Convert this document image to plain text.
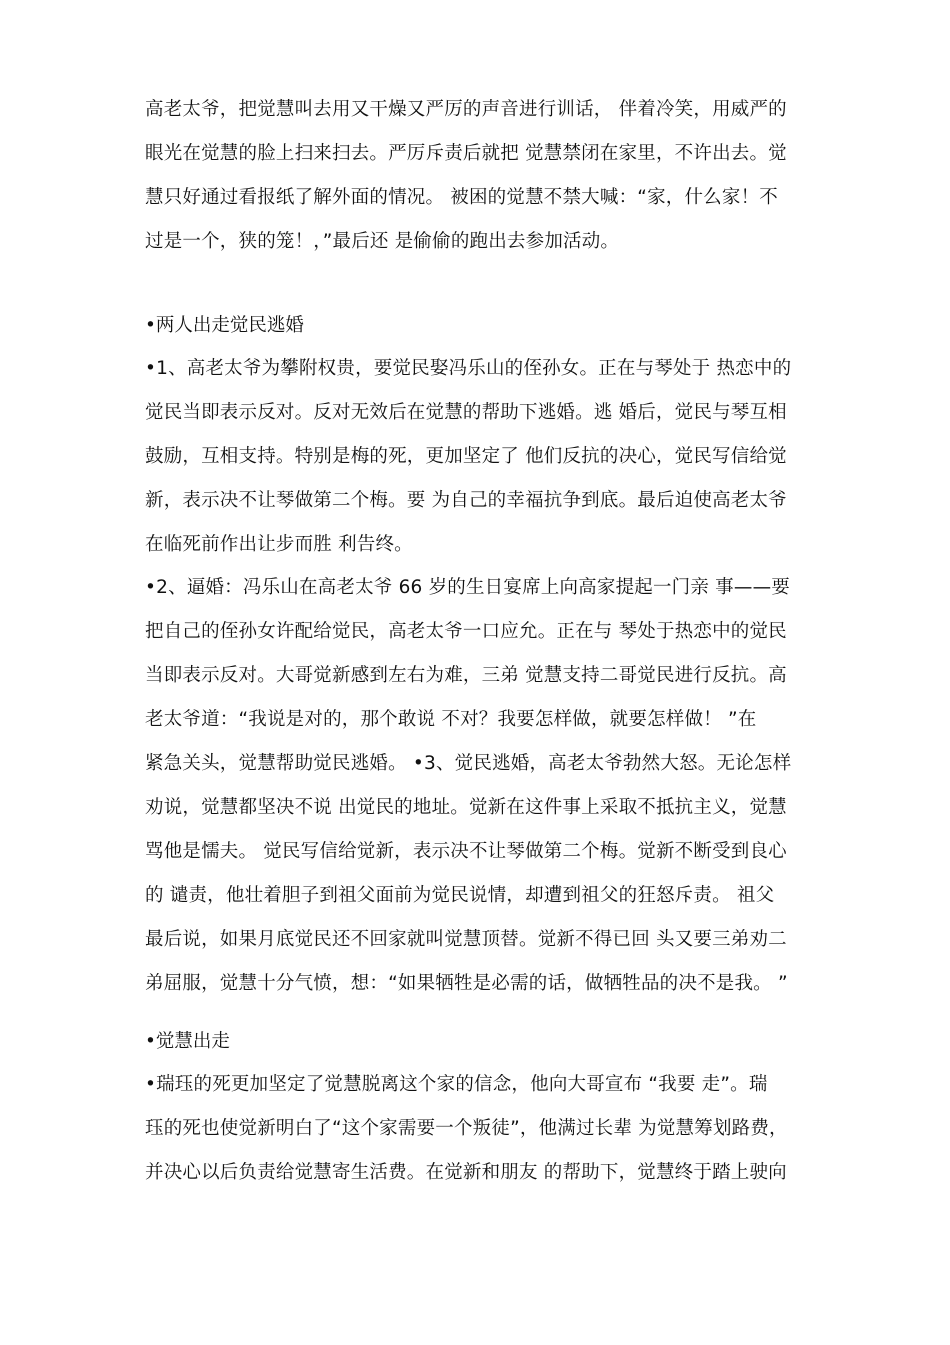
高老太爷，把觉慧叫去用又干燥又严厉的声音进行训话， 伴着冷笑，用威严的
眼光在觉慧的脸上扫来扫去。严厉斥责后就把 觉慧禁闭在家里，不许出去。觉
慧只好通过看报纸了解外面的情况。 被困的觉慧不禁大喊：“家，什么家！不
过是一个，狭的笼！，”最后还 是偷偷的跑出去参加活动。
•两人出走觉民逃婚
•1、高老太爷为攀附权贵，要觉民娶冯乐山的侄孙女。正在与琴处于 热恋中的
觉民当即表示反对。反对无效后在觉慧的帮助下逃婚。逃 婚后，觉民与琴互相
鼓励，互相支持。特别是梅的死，更加坚定了 他们反抗的决心，觉民写信给觉
新，表示决不让琴做第二个梅。要 为自己的幸福抗争到底。最后迫使高老太爷
在临死前作出让步而胜 利告终。
•2、逼婚：冯乐山在高老太爷 66 岁的生日宴席上向高家提起一门亲 事——要
把自己的侄孙女许配给觉民，高老太爷一口应允。正在与 琴处于热恋中的觉民
当即表示反对。大哥觉新感到左右为难，三弟 觉慧支持二哥觉民进行反抗。高
老太爷道：“我说是对的，那个敢说 不对？我要怎样做，就要怎样做！ ”在
紧急关头，觉慧帮助觉民逃婚。 •3、觉民逃婚，高老太爷勃然大怒。无论怎样
劝说，觉慧都坚决不说 出觉民的地址。觉新在这件事上采取不抵抗主义，觉慧
骂他是懦夫。 觉民写信给觉新，表示决不让琴做第二个梅。觉新不断受到良心
的 谴责，他壮着胆子到祖父面前为觉民说情，却遭到祖父的狂怒斥责。 祖父
最后说，如果月底觉民还不回家就叫觉慧顶替。觉新不得已回 头又要三弟劝二
弟屈服，觉慧十分气愤，想：“如果牺牲是必需的话，做牺牲品的决不是我。 ”
•觉慧出走
•瑞珏的死更加坚定了觉慧脱离这个家的信念，他向大哥宣布 “我要 走”。瑞
珏的死也使觉新明白了“这个家需要一个叛徒”，他满过长辈 为觉慧筹划路费，
并决心以后负责给觉慧寄生活费。在觉新和朋友 的帮助下，觉慧终于踏上驶向
